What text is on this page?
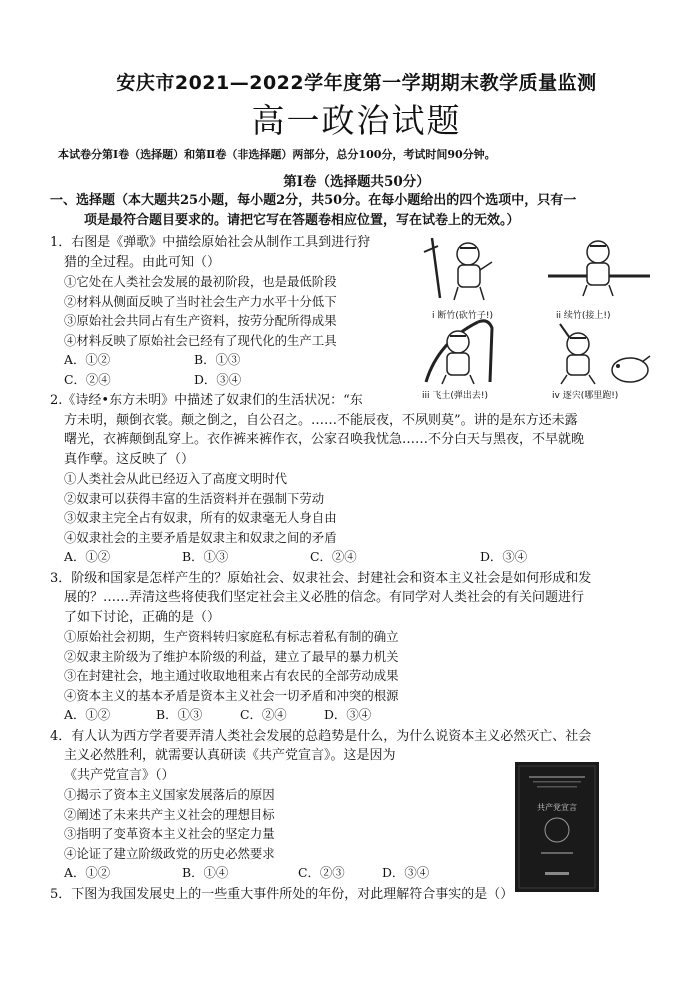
安庆市2021—2022学年度第一学期期末教学质量监测
高一政治试题
本试卷分第Ⅰ卷（选择题）和第Ⅱ卷（非选择题）两部分，总分100分，考试时间90分钟。
第Ⅰ卷（选择题共50分）
一、选择题（本大题共25小题，每小题2分，共50分。在每小题给出的四个选项中，只有一
项是最符合题目要求的。请把它写在答题卷相应位置，写在试卷上的无效。）
1．右图是《弹歌》中描绘原始社会从制作工具到进行狩
猎的全过程。由此可知（）
①它处在人类社会发展的最初阶段，也是最低阶段
②材料从侧面反映了当时社会生产力水平十分低下
③原始社会共同占有生产资料，按劳分配所得成果
④材料反映了原始社会已经有了现代化的生产工具
A．①②	B．①③
C．②④	D．③④
2.《诗经•东方未明》中描述了奴隶们的生活状况：“东
方未明，颠倒衣裳。颠之倒之，自公召之。……不能辰夜，不夙则莫”。讲的是东方还未露
曙光，衣裤颠倒乱穿上。衣作裤来裤作衣，公家召唤我忧急……不分白天与黑夜，不早就晚
真作孽。这反映了（）
①人类社会从此已经迈入了高度文明时代
②奴隶可以获得丰富的生活资料并在强制下劳动
③奴隶主完全占有奴隶，所有的奴隶毫无人身自由
④奴隶社会的主要矛盾是奴隶主和奴隶之间的矛盾
A．①②	B．①③	C．②④	D．③④
3．阶级和国家是怎样产生的？原始社会、奴隶社会、封建社会和资本主义社会是如何形成和发
展的？……弄清这些将使我们坚定社会主义必胜的信念。有同学对人类社会的有关问题进行
了如下讨论，正确的是（）
①原始社会初期，生产资料转归家庭私有标志着私有制的确立
②奴隶主阶级为了维护本阶级的利益，建立了最早的暴力机关
③在封建社会，地主通过收取地租来占有农民的全部劳动成果
④资本主义的基本矛盾是资本主义社会一切矛盾和冲突的根源
A．①②	B．①③	C．②④	D．③④
4．有人认为西方学者要弄清人类社会发展的总趋势是什么，为什么说资本主义必然灭亡、社会
主义必然胜利，就需要认真研读《共产党宣言》。这是因为
《共产党宣言》（）
①揭示了资本主义国家发展落后的原因
②阐述了未来共产主义社会的理想目标
③指明了变革资本主义社会的坚定力量
④论证了建立阶级政党的历史必然要求
A．①②	B．①④	C．②③	D．③④
5．下图为我国发展史上的一些重大事件所处的年份，对此理解符合事实的是（）
i 断竹(砍竹子!)	ii 续竹(接上!)
iii 飞土(弹出去!)	iv 逐宍(哪里跑!)
共产党宣言
